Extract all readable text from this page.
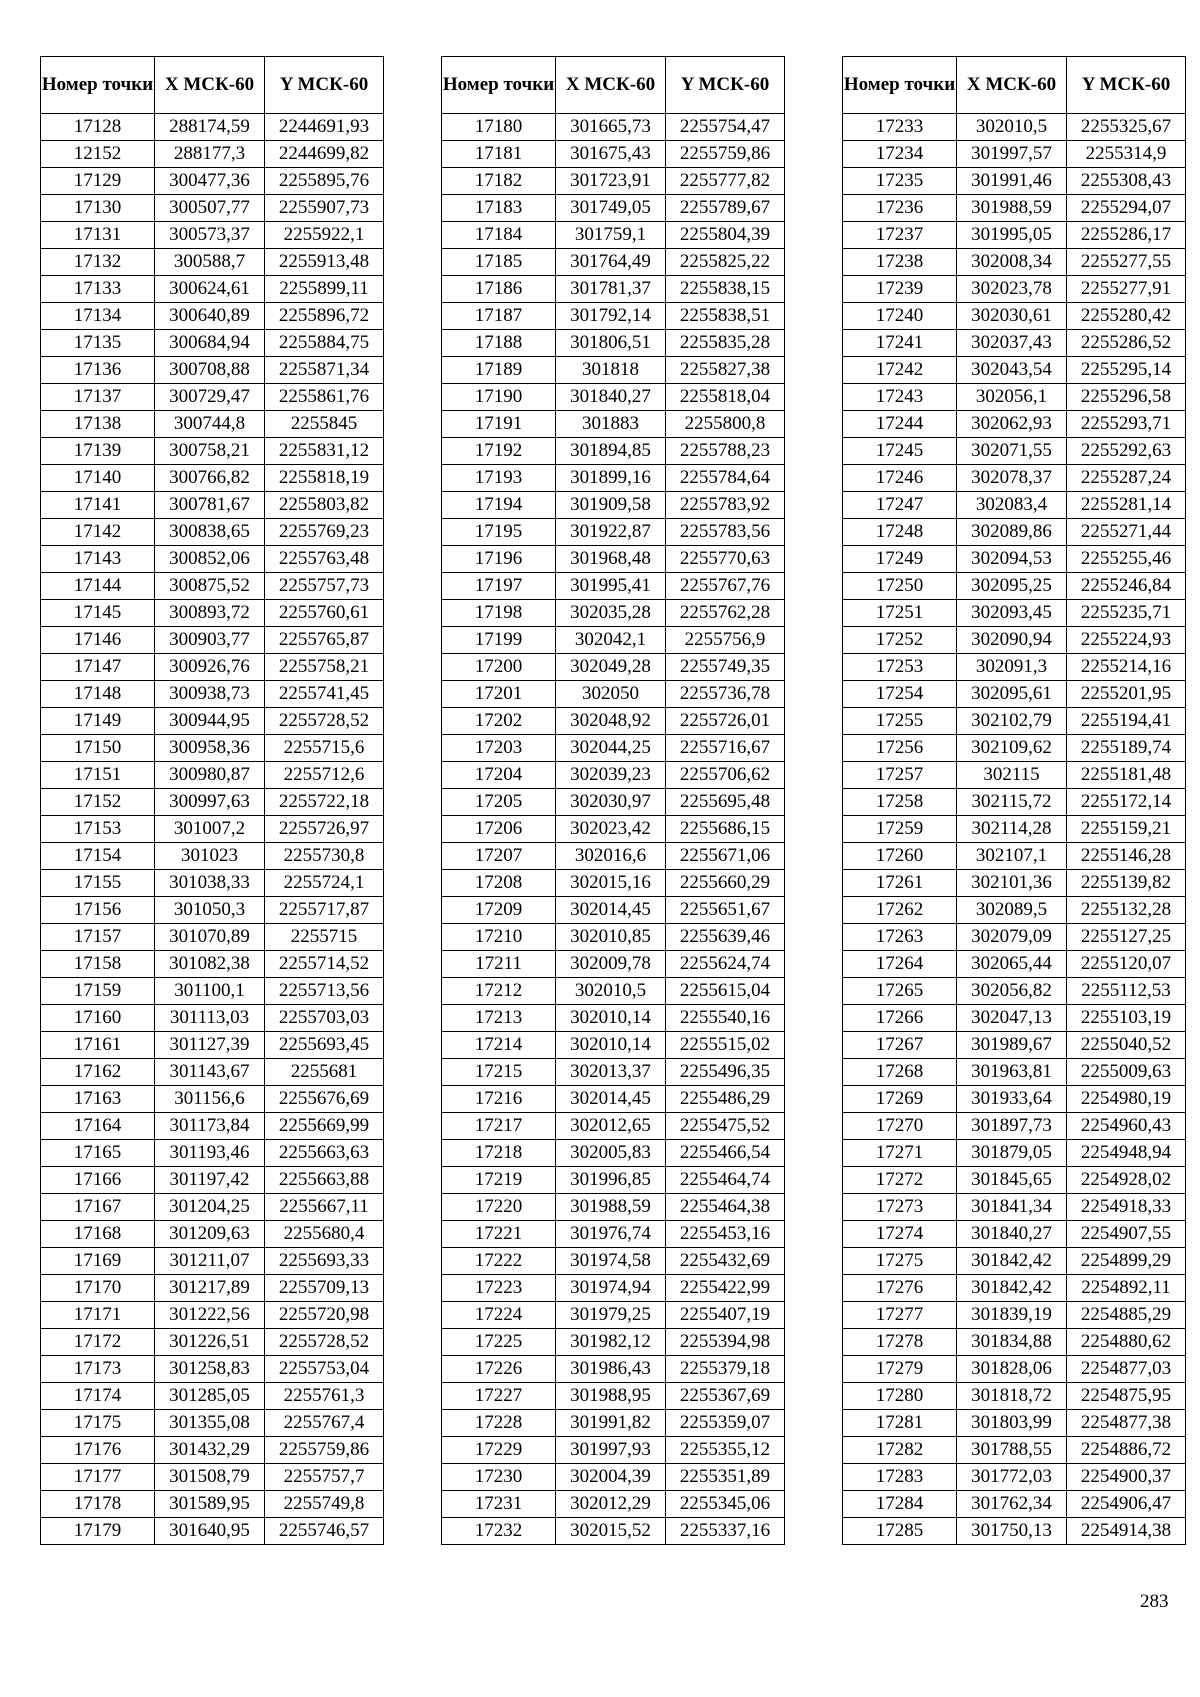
Номер точки	X МСК-60	Y МСК-60
17128	288174,59	2244691,93
12152	288177,3	2244699,82
17129	300477,36	2255895,76
17130	300507,77	2255907,73
17131	300573,37	2255922,1
17132	300588,7	2255913,48
17133	300624,61	2255899,11
17134	300640,89	2255896,72
17135	300684,94	2255884,75
17136	300708,88	2255871,34
17137	300729,47	2255861,76
17138	300744,8	2255845
17139	300758,21	2255831,12
17140	300766,82	2255818,19
17141	300781,67	2255803,82
17142	300838,65	2255769,23
17143	300852,06	2255763,48
17144	300875,52	2255757,73
17145	300893,72	2255760,61
17146	300903,77	2255765,87
17147	300926,76	2255758,21
17148	300938,73	2255741,45
17149	300944,95	2255728,52
17150	300958,36	2255715,6
17151	300980,87	2255712,6
17152	300997,63	2255722,18
17153	301007,2	2255726,97
17154	301023	2255730,8
17155	301038,33	2255724,1
17156	301050,3	2255717,87
17157	301070,89	2255715
17158	301082,38	2255714,52
17159	301100,1	2255713,56
17160	301113,03	2255703,03
17161	301127,39	2255693,45
17162	301143,67	2255681
17163	301156,6	2255676,69
17164	301173,84	2255669,99
17165	301193,46	2255663,63
17166	301197,42	2255663,88
17167	301204,25	2255667,11
17168	301209,63	2255680,4
17169	301211,07	2255693,33
17170	301217,89	2255709,13
17171	301222,56	2255720,98
17172	301226,51	2255728,52
17173	301258,83	2255753,04
17174	301285,05	2255761,3
17175	301355,08	2255767,4
17176	301432,29	2255759,86
17177	301508,79	2255757,7
17178	301589,95	2255749,8
17179	301640,95	2255746,57
Номер точки	X МСК-60	Y МСК-60
17180	301665,73	2255754,47
17181	301675,43	2255759,86
17182	301723,91	2255777,82
17183	301749,05	2255789,67
17184	301759,1	2255804,39
17185	301764,49	2255825,22
17186	301781,37	2255838,15
17187	301792,14	2255838,51
17188	301806,51	2255835,28
17189	301818	2255827,38
17190	301840,27	2255818,04
17191	301883	2255800,8
17192	301894,85	2255788,23
17193	301899,16	2255784,64
17194	301909,58	2255783,92
17195	301922,87	2255783,56
17196	301968,48	2255770,63
17197	301995,41	2255767,76
17198	302035,28	2255762,28
17199	302042,1	2255756,9
17200	302049,28	2255749,35
17201	302050	2255736,78
17202	302048,92	2255726,01
17203	302044,25	2255716,67
17204	302039,23	2255706,62
17205	302030,97	2255695,48
17206	302023,42	2255686,15
17207	302016,6	2255671,06
17208	302015,16	2255660,29
17209	302014,45	2255651,67
17210	302010,85	2255639,46
17211	302009,78	2255624,74
17212	302010,5	2255615,04
17213	302010,14	2255540,16
17214	302010,14	2255515,02
17215	302013,37	2255496,35
17216	302014,45	2255486,29
17217	302012,65	2255475,52
17218	302005,83	2255466,54
17219	301996,85	2255464,74
17220	301988,59	2255464,38
17221	301976,74	2255453,16
17222	301974,58	2255432,69
17223	301974,94	2255422,99
17224	301979,25	2255407,19
17225	301982,12	2255394,98
17226	301986,43	2255379,18
17227	301988,95	2255367,69
17228	301991,82	2255359,07
17229	301997,93	2255355,12
17230	302004,39	2255351,89
17231	302012,29	2255345,06
17232	302015,52	2255337,16
Номер точки	X МСК-60	Y МСК-60
17233	302010,5	2255325,67
17234	301997,57	2255314,9
17235	301991,46	2255308,43
17236	301988,59	2255294,07
17237	301995,05	2255286,17
17238	302008,34	2255277,55
17239	302023,78	2255277,91
17240	302030,61	2255280,42
17241	302037,43	2255286,52
17242	302043,54	2255295,14
17243	302056,1	2255296,58
17244	302062,93	2255293,71
17245	302071,55	2255292,63
17246	302078,37	2255287,24
17247	302083,4	2255281,14
17248	302089,86	2255271,44
17249	302094,53	2255255,46
17250	302095,25	2255246,84
17251	302093,45	2255235,71
17252	302090,94	2255224,93
17253	302091,3	2255214,16
17254	302095,61	2255201,95
17255	302102,79	2255194,41
17256	302109,62	2255189,74
17257	302115	2255181,48
17258	302115,72	2255172,14
17259	302114,28	2255159,21
17260	302107,1	2255146,28
17261	302101,36	2255139,82
17262	302089,5	2255132,28
17263	302079,09	2255127,25
17264	302065,44	2255120,07
17265	302056,82	2255112,53
17266	302047,13	2255103,19
17267	301989,67	2255040,52
17268	301963,81	2255009,63
17269	301933,64	2254980,19
17270	301897,73	2254960,43
17271	301879,05	2254948,94
17272	301845,65	2254928,02
17273	301841,34	2254918,33
17274	301840,27	2254907,55
17275	301842,42	2254899,29
17276	301842,42	2254892,11
17277	301839,19	2254885,29
17278	301834,88	2254880,62
17279	301828,06	2254877,03
17280	301818,72	2254875,95
17281	301803,99	2254877,38
17282	301788,55	2254886,72
17283	301772,03	2254900,37
17284	301762,34	2254906,47
17285	301750,13	2254914,38
283
